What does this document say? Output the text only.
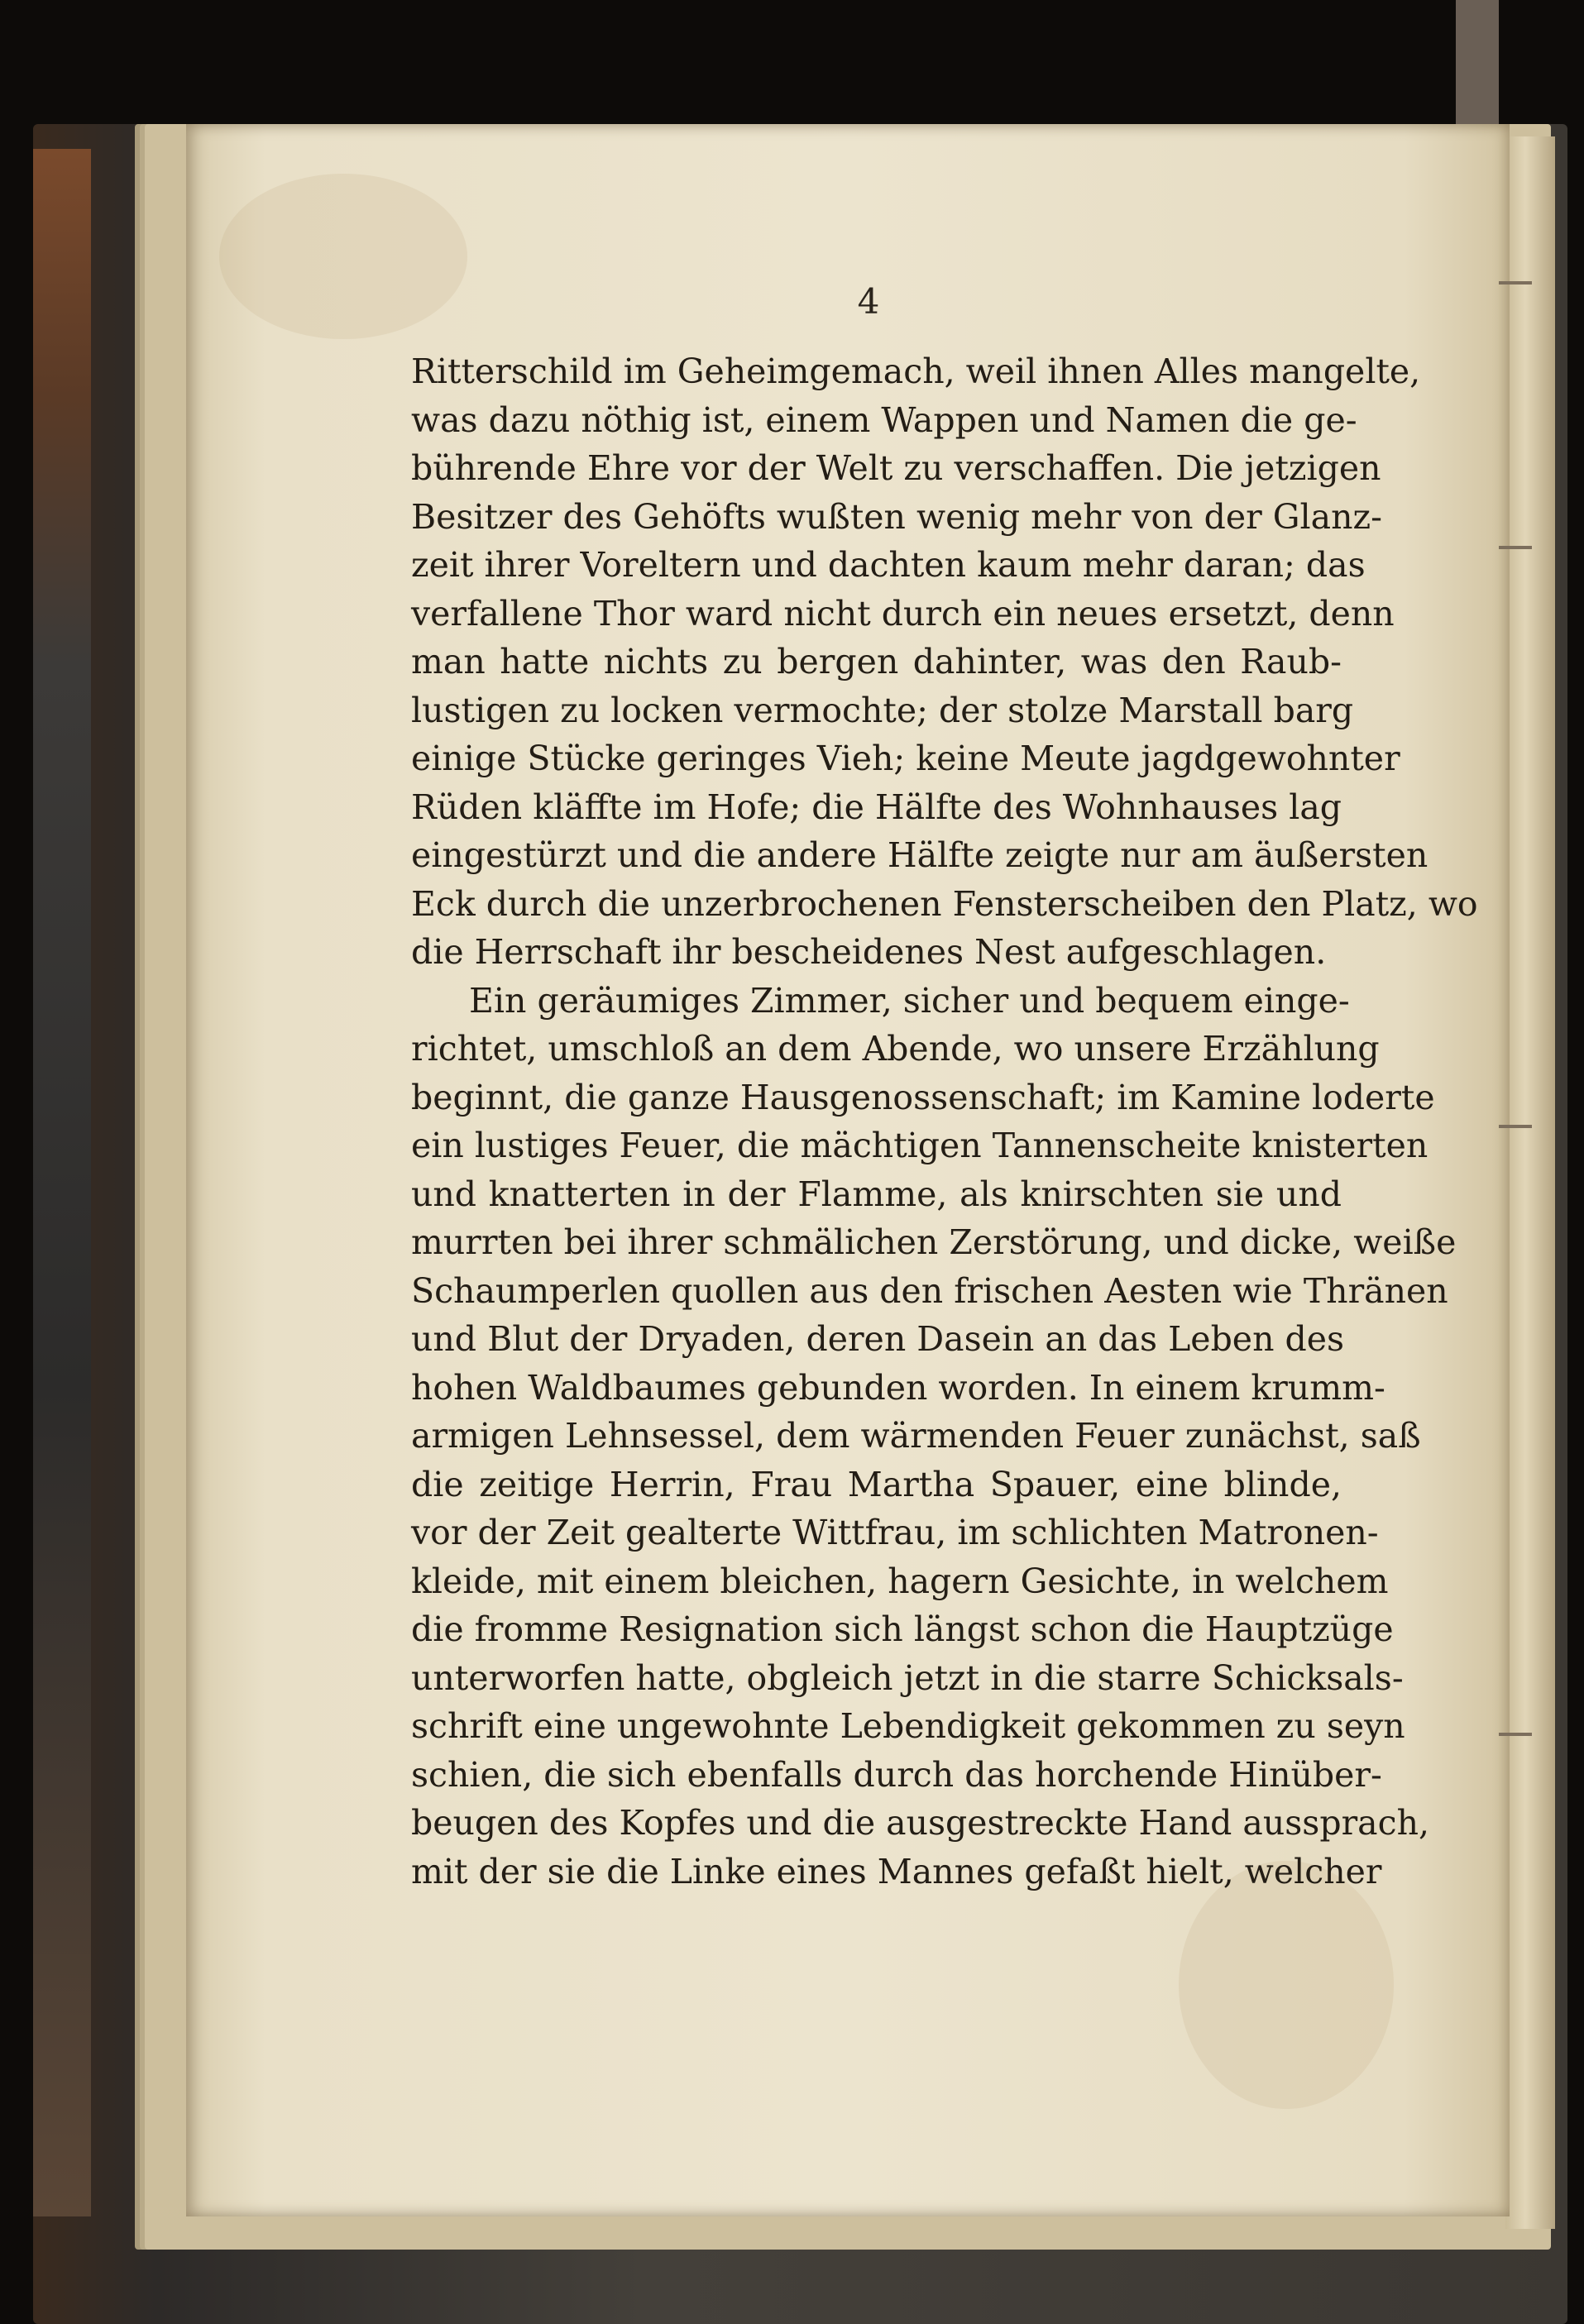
4
Ritterschild im Geheimgemach, weil ihnen Alles mangelte,
was dazu nöthig ist, einem Wappen und Namen die ge-
bührende Ehre vor der Welt zu verschaffen. Die jetzigen
Besitzer des Gehöfts wußten wenig mehr von der Glanz-
zeit ihrer Voreltern und dachten kaum mehr daran; das
verfallene Thor ward nicht durch ein neues ersetzt, denn
man hatte nichts zu bergen dahinter, was den Raub-
lustigen zu locken vermochte; der stolze Marstall barg
einige Stücke geringes Vieh; keine Meute jagdgewohnter
Rüden kläffte im Hofe; die Hälfte des Wohnhauses lag
eingestürzt und die andere Hälfte zeigte nur am äußersten
Eck durch die unzerbrochenen Fensterscheiben den Platz, wo
die Herrschaft ihr bescheidenes Nest aufgeschlagen.
Ein geräumiges Zimmer, sicher und bequem einge-
richtet, umschloß an dem Abende, wo unsere Erzählung
beginnt, die ganze Hausgenossenschaft; im Kamine loderte
ein lustiges Feuer, die mächtigen Tannenscheite knisterten
und knatterten in der Flamme, als knirschten sie und
murrten bei ihrer schmälichen Zerstörung, und dicke, weiße
Schaumperlen quollen aus den frischen Aesten wie Thränen
und Blut der Dryaden, deren Dasein an das Leben des
hohen Waldbaumes gebunden worden. In einem krumm-
armigen Lehnsessel, dem wärmenden Feuer zunächst, saß
die zeitige Herrin, Frau Martha Spauer, eine blinde,
vor der Zeit gealterte Wittfrau, im schlichten Matronen-
kleide, mit einem bleichen, hagern Gesichte, in welchem
die fromme Resignation sich längst schon die Hauptzüge
unterworfen hatte, obgleich jetzt in die starre Schicksals-
schrift eine ungewohnte Lebendigkeit gekommen zu seyn
schien, die sich ebenfalls durch das horchende Hinüber-
beugen des Kopfes und die ausgestreckte Hand aussprach,
mit der sie die Linke eines Mannes gefaßt hielt, welcher
